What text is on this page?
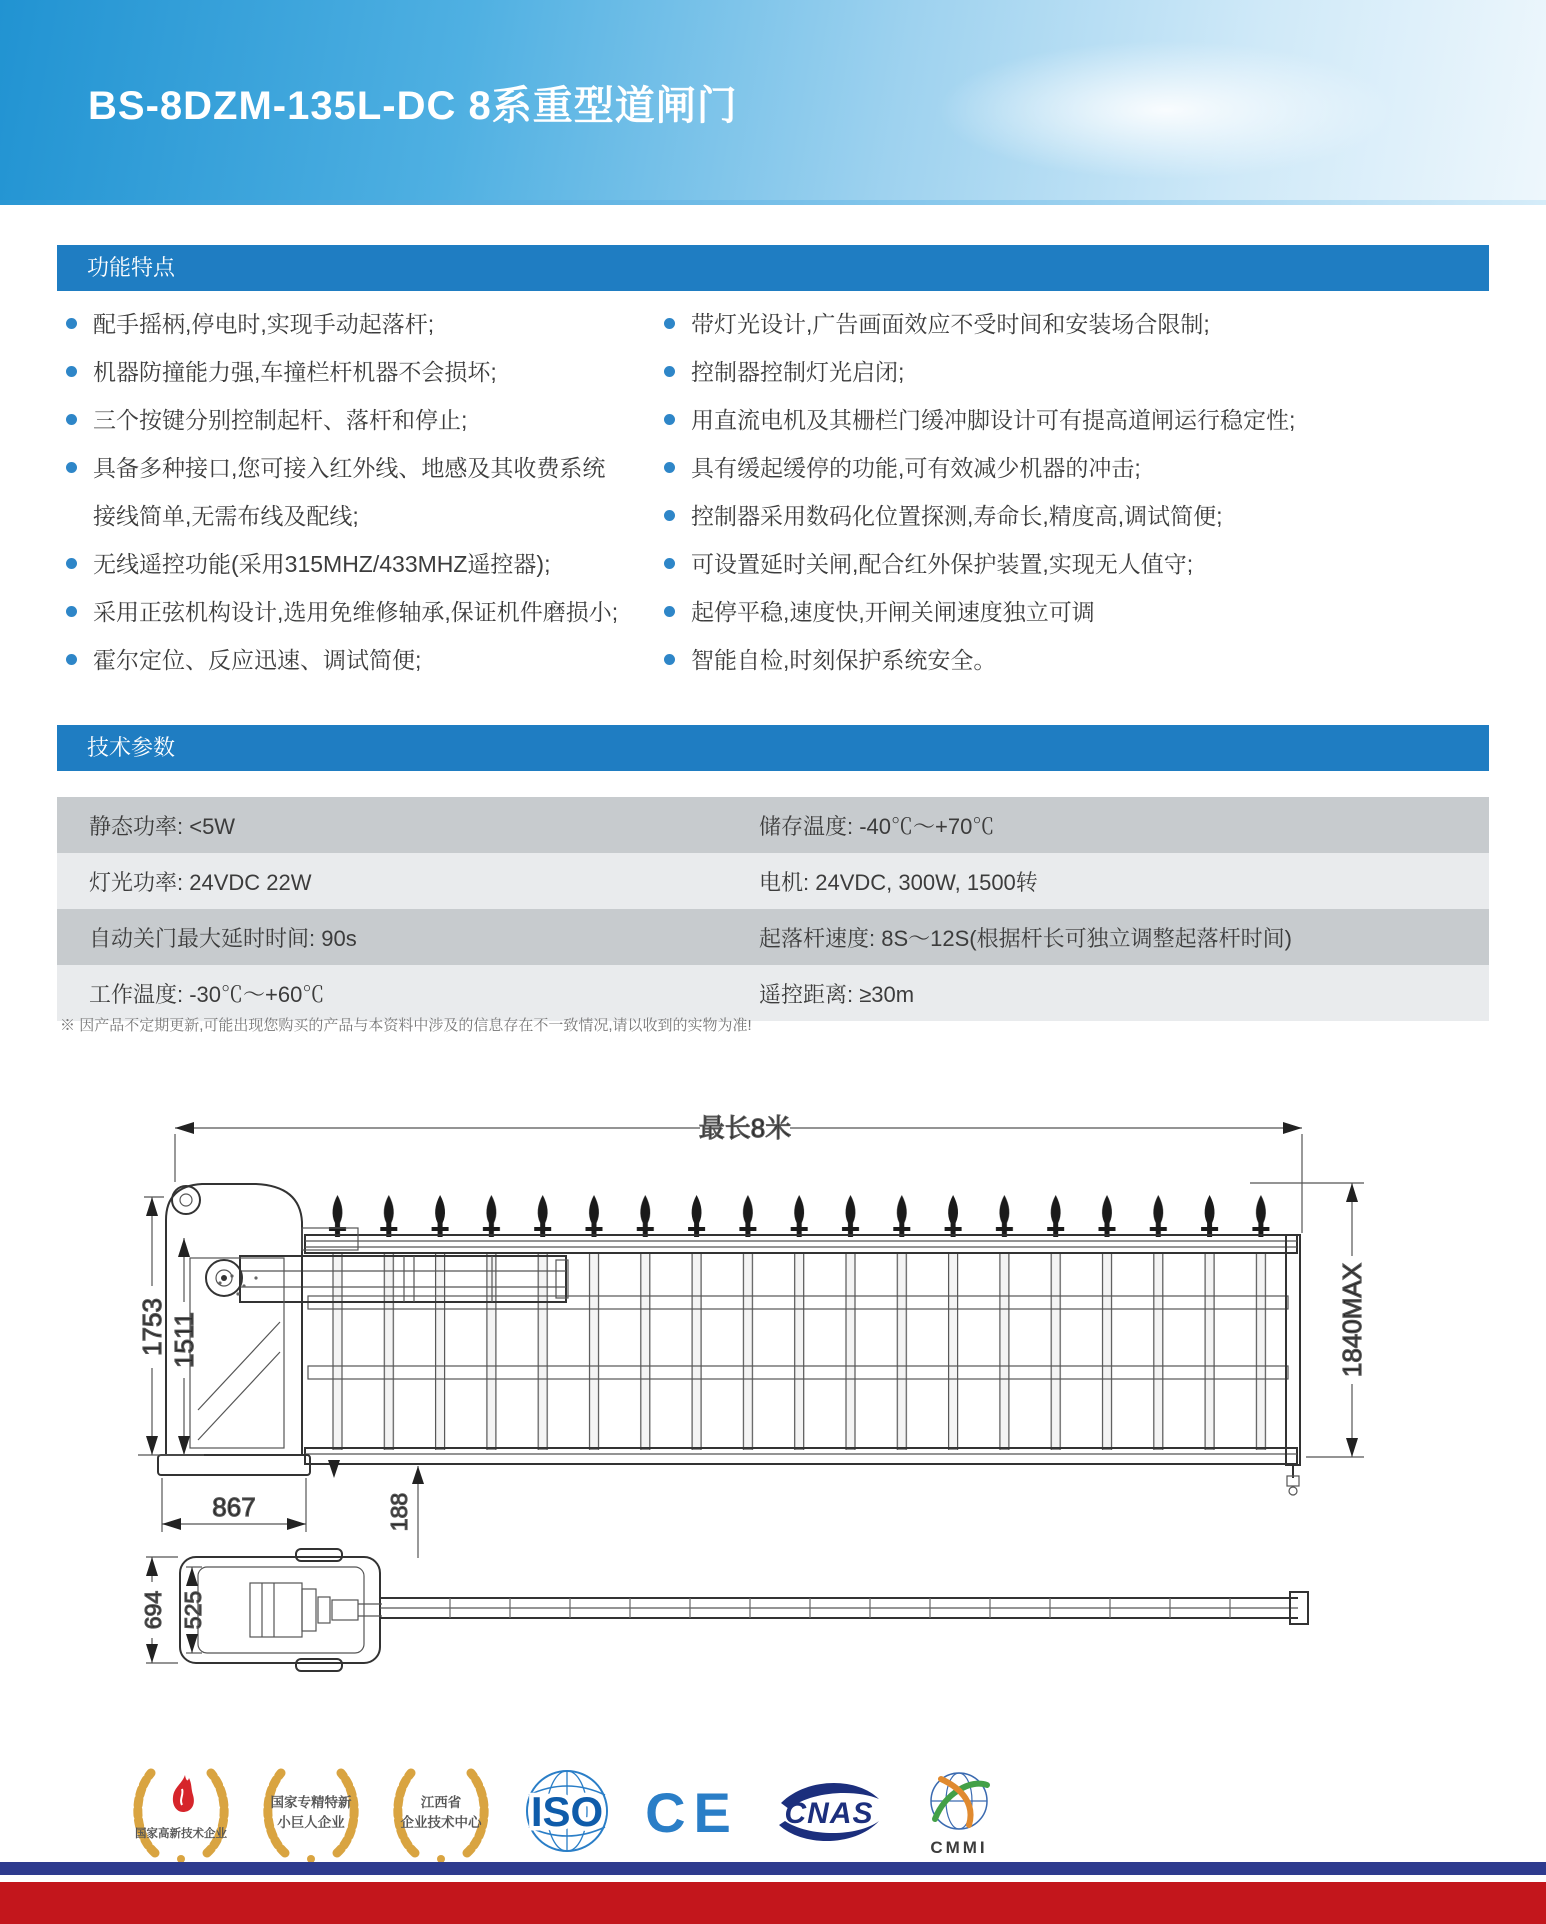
BS-8DZM-135L-DC 8系重型道闸门
功能特点
配手摇柄,停电时,实现手动起落杆;
机器防撞能力强,车撞栏杆机器不会损坏;
三个按键分别控制起杆、落杆和停止;
具备多种接口,您可接入红外线、地感及其收费系统
接线简单,无需布线及配线;
无线遥控功能(采用315MHZ/433MHZ遥控器);
采用正弦机构设计,选用免维修轴承,保证机件磨损小;
霍尔定位、反应迅速、调试简便;
带灯光设计,广告画面效应不受时间和安装场合限制;
控制器控制灯光启闭;
用直流电机及其栅栏门缓冲脚设计可有提高道闸运行稳定性;
具有缓起缓停的功能,可有效减少机器的冲击;
控制器采用数码化位置探测,寿命长,精度高,调试简便;
可设置延时关闸,配合红外保护装置,实现无人值守;
起停平稳,速度快,开闸关闸速度独立可调
智能自检,时刻保护系统安全。
技术参数
静态功率: <5W	储存温度: -40℃～+70℃
灯光功率: 24VDC 22W	电机: 24VDC, 300W, 1500转
自动关门最大延时时间: 90s	起落杆速度: 8S～12S(根据杆长可独立调整起落杆时间)
工作温度: -30℃～+60℃	遥控距离: ≥30m
※ 因产品不定期更新,可能出现您购买的产品与本资料中涉及的信息存在不一致情况,请以收到的实物为准!
最长8米
1753 1511
867	188
1840MAX
694 525
国家高新技术企业
国家专精特新
小巨人企业
江西省
企业技术中心 ISO CE CNAS
CMMI
